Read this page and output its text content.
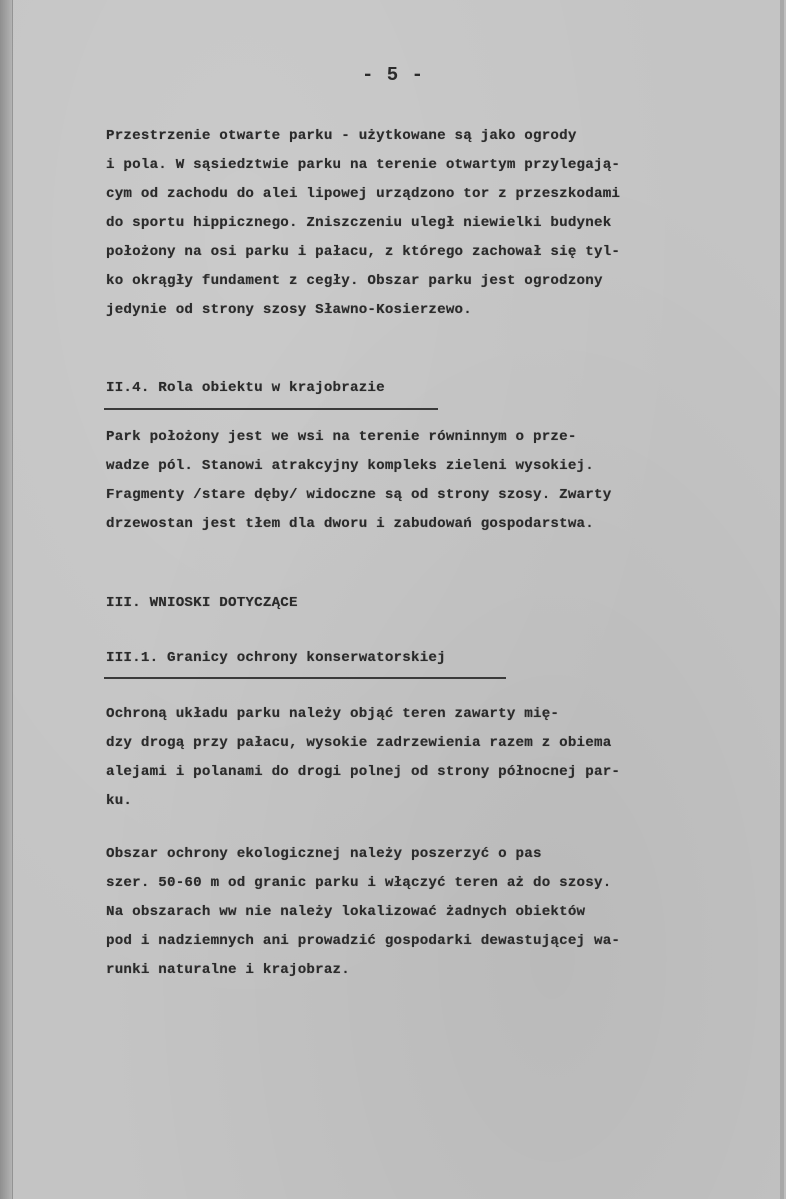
- 5 -
Przestrzenie otwarte parku - użytkowane są jako ogrody
i pola. W sąsiedztwie parku na terenie otwartym przylegają-
cym od zachodu do alei lipowej urządzono tor z przeszkodami
do sportu hippicznego. Zniszczeniu uległ niewielki budynek
położony na osi parku i pałacu, z którego zachował się tyl-
ko okrągły fundament z cegły. Obszar parku jest ogrodzony
jedynie od strony szosy Sławno-Kosierzewo.
II.4. Rola obiektu w krajobrazie
Park położony jest we wsi na terenie równinnym o prze-
wadze pól. Stanowi atrakcyjny kompleks zieleni wysokiej.
Fragmenty /stare dęby/ widoczne są od strony szosy. Zwarty
drzewostan jest tłem dla dworu i zabudowań gospodarstwa.
III. WNIOSKI DOTYCZĄCE
III.1. Granicy ochrony konserwatorskiej
Ochroną układu parku należy objąć teren zawarty mię-
dzy drogą przy pałacu, wysokie zadrzewienia razem z obiema
alejami i polanami do drogi polnej od strony północnej par-
ku.
Obszar ochrony ekologicznej należy poszerzyć o pas
szer. 50-60 m od granic parku i włączyć teren aż do szosy.
Na obszarach ww nie należy lokalizować żadnych obiektów
pod i nadziemnych ani prowadzić gospodarki dewastującej wa-
runki naturalne i krajobraz.
